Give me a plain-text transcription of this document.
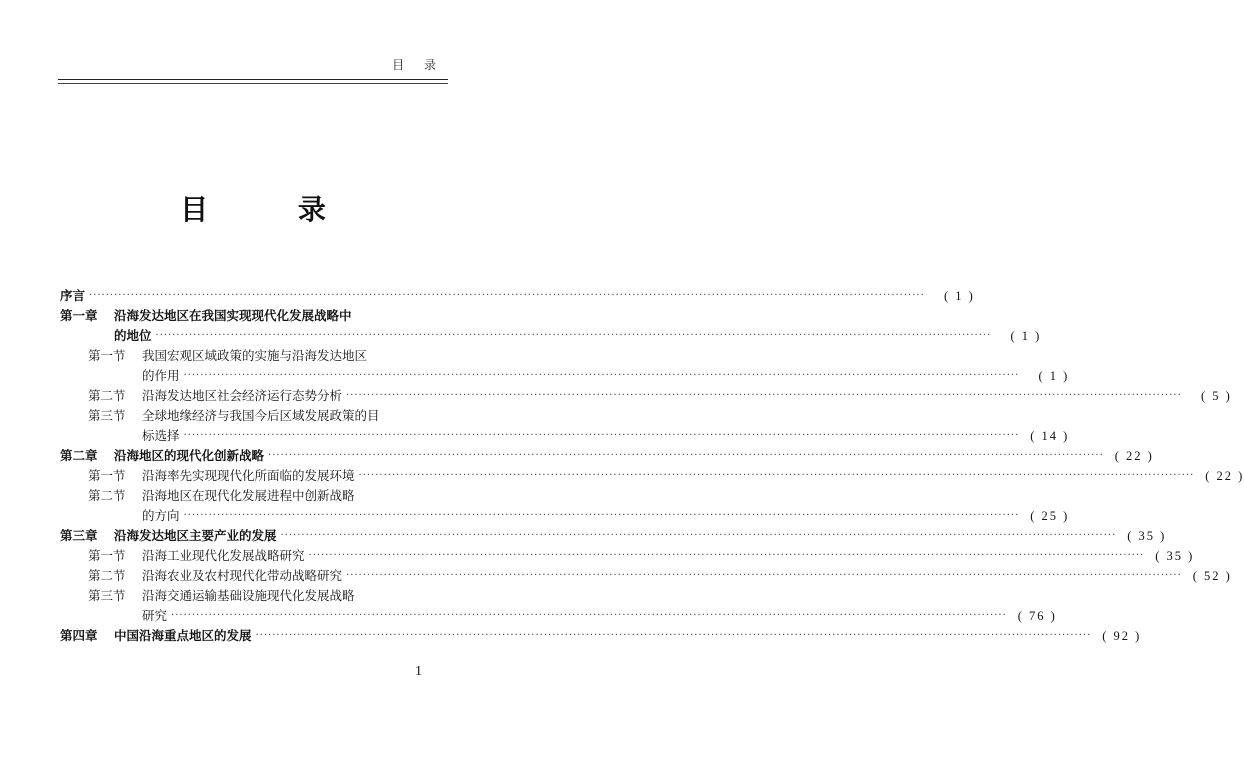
目 录
目 录
序言 ········································································································································································································	( 1 )
第一章	沿海发达地区在我国实现现代化发展战略中
的地位 ········································································································································································································	( 1 )
第一节	我国宏观区域政策的实施与沿海发达地区
的作用 ········································································································································································································	( 1 )
第二节	沿海发达地区社会经济运行态势分析 ········································································································································································································	( 5 )
第三节	全球地缘经济与我国今后区域发展政策的目
标选择 ········································································································································································································ ( 14 )
第二章	沿海地区的现代化创新战略 ········································································································································································································ ( 22 )
第一节	沿海率先实现现代化所面临的发展环境 ········································································································································································································ ( 22 )
第二节	沿海地区在现代化发展进程中创新战略
的方向 ········································································································································································································ ( 25 )
第三章	沿海发达地区主要产业的发展 ········································································································································································································ ( 35 )
第一节	沿海工业现代化发展战略研究 ········································································································································································································ ( 35 )
第二节	沿海农业及农村现代化带动战略研究 ········································································································································································································ ( 52 )
第三节	沿海交通运输基础设施现代化发展战略
研究 ········································································································································································································ ( 76 )
第四章	中国沿海重点地区的发展 ········································································································································································································ ( 92 )
1
